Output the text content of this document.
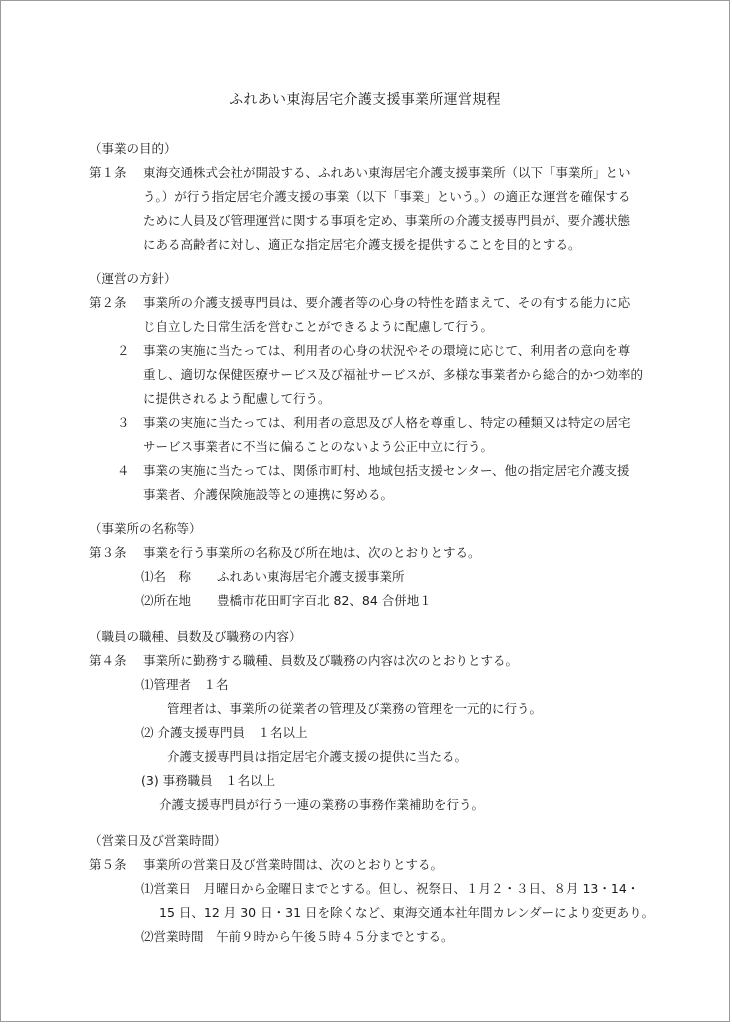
ふれあい東海居宅介護支援事業所運営規程
（事業の目的）
第１条 東海交通株式会社が開設する、ふれあい東海居宅介護支援事業所（以下「事業所」とい
う。）が行う指定居宅介護支援の事業（以下「事業」という。）の適正な運営を確保する
ために人員及び管理運営に関する事項を定め、事業所の介護支援専門員が、要介護状態
にある高齢者に対し、適正な指定居宅介護支援を提供することを目的とする。
（運営の方針）
第２条 事業所の介護支援専門員は、要介護者等の心身の特性を踏まえて、その有する能力に応
じ自立した日常生活を営むことができるように配慮して行う。
２ 事業の実施に当たっては、利用者の心身の状況やその環境に応じて、利用者の意向を尊
重し、適切な保健医療サービス及び福祉サービスが、多様な事業者から総合的かつ効率的
に提供されるよう配慮して行う。
３ 事業の実施に当たっては、利用者の意思及び人格を尊重し、特定の種類又は特定の居宅
サービス事業者に不当に偏ることのないよう公正中立に行う。
４ 事業の実施に当たっては、関係市町村、地域包括支援センター、他の指定居宅介護支援
事業者、介護保険施設等との連携に努める。
（事業所の名称等）
第３条 事業を行う事業所の名称及び所在地は、次のとおりとする。
⑴名　称 ふれあい東海居宅介護支援事業所
⑵所在地 豊橋市花田町字百北 82、84 合併地１
（職員の職種、員数及び職務の内容）
第４条 事業所に勤務する職種、員数及び職務の内容は次のとおりとする。
⑴管理者　１名
管理者は、事業所の従業者の管理及び業務の管理を一元的に行う。
⑵ 介護支援専門員　１名以上
介護支援専門員は指定居宅介護支援の提供に当たる。
(3) 事務職員　１名以上
介護支援専門員が行う一連の業務の事務作業補助を行う。
（営業日及び営業時間）
第５条 事業所の営業日及び営業時間は、次のとおりとする。
⑴営業日　月曜日から金曜日までとする。但し、祝祭日、１月２・３日、８月 13・14・
15 日、12 月 30 日・31 日を除くなど、東海交通本社年間カレンダーにより変更あり。
⑵営業時間　午前９時から午後５時４５分までとする。
